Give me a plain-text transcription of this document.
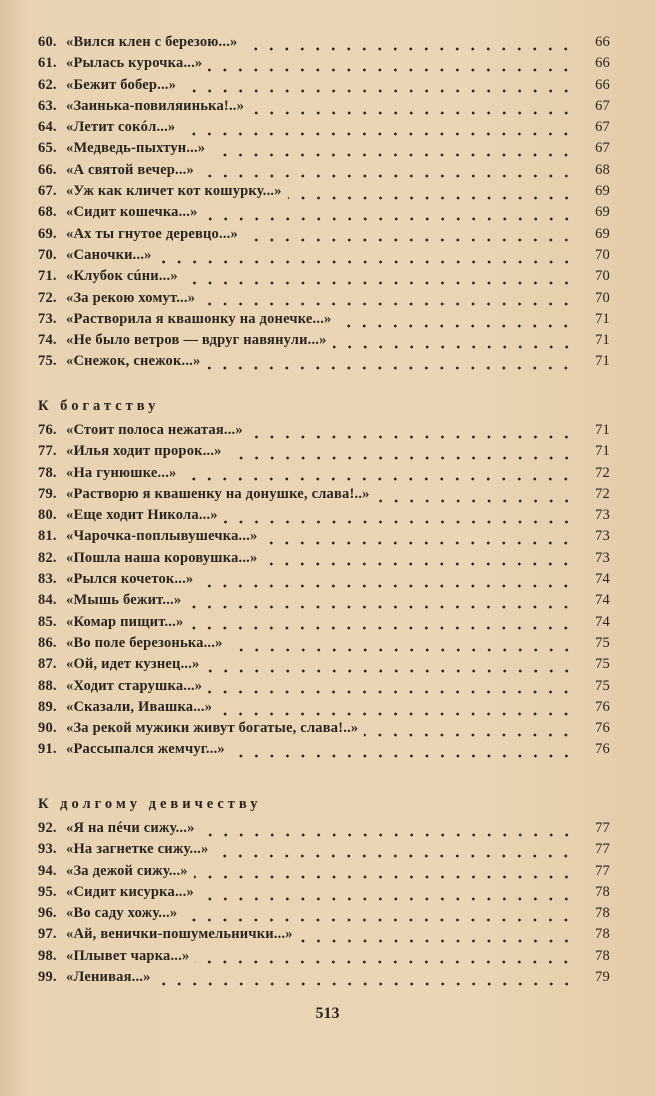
60. «Вился клен с березою...»	66
61. «Рылась курочка...»	66
62. «Бежит бобер...»	66
63. «Заинька-повиляинька!..»	67
64. «Летит сокóл...»	67
65. «Медведь-пыхтун...»	67
66. «А святой вечер...»	68
67. «Уж как кличет кот кошурку...»	69
68. «Сидит кошечка...»	69
69. «Ах ты гнутое деревцо...»	69
70. «Саночки...»	70
71. «Клубок сúни...»	70
72. «За рекою хомут...»	70
73. «Растворила я квашонку на донечке...»	71
74. «Не было ветров — вдруг навянули...»	71
75. «Снежок, снежок...»	71
К богатству
76. «Стоит полоса нежатая...»	71
77. «Илья ходит пророк...»	71
78. «На гунюшке...»	72
79. «Растворю я квашенку на донушке, слава!..»	72
80. «Еще ходит Никола...»	73
81. «Чарочка-поплывушечка...»	73
82. «Пошла наша коровушка...»	73
83. «Рылся кочеток...»	74
84. «Мышь бежит...»	74
85. «Комар пищит...»	74
86. «Во поле березонька...»	75
87. «Ой, идет кузнец...»	75
88. «Ходит старушка...»	75
89. «Сказали, Ивашка...»	76
90. «За рекой мужики живут богатые, слава!..»	76
91. «Рассыпался жемчуг...»	76
К долгому девичеству
92. «Я на пéчи сижу...»	77
93. «На загнетке сижу...»	77
94. «За дежой сижу...»	77
95. «Сидит кисурка...»	78
96. «Во саду хожу...»	78
97. «Ай, венички-пошумельнички...»	78
98. «Плывет чарка...»	78
99. «Ленивая...»	79
513
